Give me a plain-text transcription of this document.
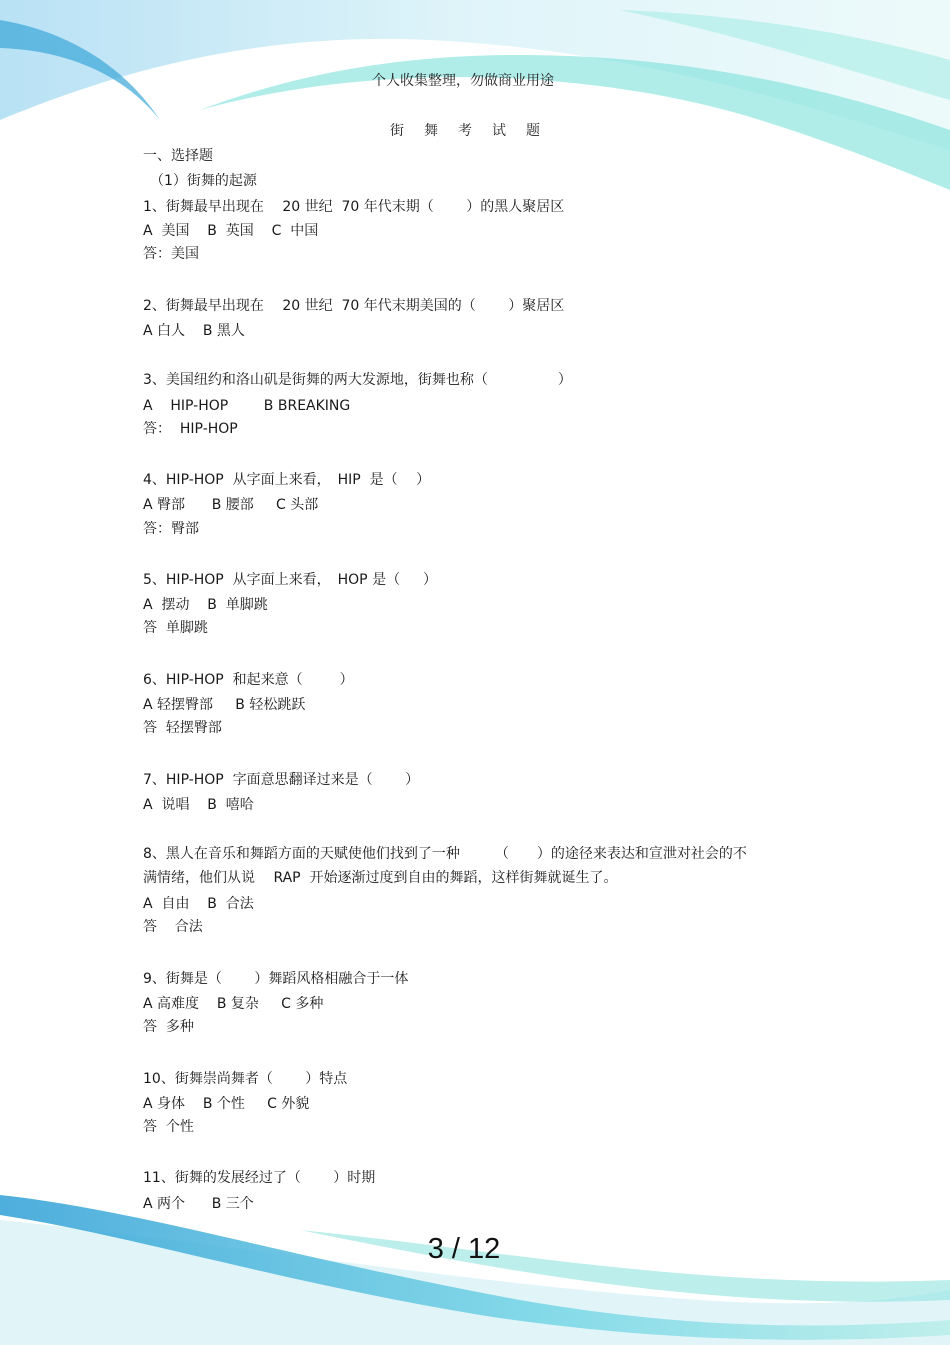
个人收集整理，勿做商业用途
街舞考试题
一、选择题
（1）街舞的起源
1、街舞最早出现在　 20 世纪  70 年代末期（　　 ）的黑人聚居区
A  美国    B  英国    C  中国
答：美国
2、街舞最早出现在　 20 世纪  70 年代末期美国的（　　 ）聚居区
A 白人    B 黑人
3、美国纽约和洛山矶是街舞的两大发源地，街舞也称（　　　　　）
A    HIP-HOP        B BREAKING
答：  HIP-HOP
4、HIP-HOP  从字面上来看，　HIP  是（　 ）
A 臀部      B 腰部     C 头部
答：臀部
5、HIP-HOP  从字面上来看，　HOP 是（　  ）
A  摆动    B  单脚跳
答  单脚跳
6、HIP-HOP  和起来意（　　  ）
A 轻摆臀部     B 轻松跳跃
答  轻摆臀部
7、HIP-HOP  字面意思翻译过来是（　　 ）
A  说唱    B  嘻哈
8、黑人在音乐和舞蹈方面的天赋使他们找到了一种　　　（　　）的途径来表达和宣泄对社会的不
满情绪，他们从说　 RAP  开始逐渐过度到自由的舞蹈，这样街舞就诞生了。
A  自由    B  合法
答    合法
9、街舞是（　　 ）舞蹈风格相融合于一体
A 高难度    B 复杂     C 多种
答  多种
10、街舞崇尚舞者（　　 ）特点
A 身体    B 个性     C 外貌
答  个性
11、街舞的发展经过了（　　 ）时期
A 两个      B 三个
3 / 12
